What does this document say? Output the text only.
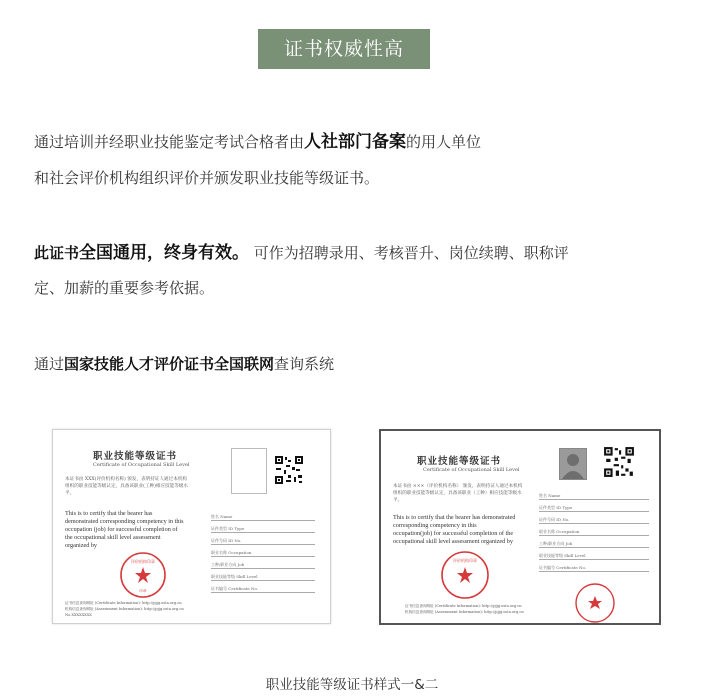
证书权威性高
通过培训并经职业技能鉴定考试合格者由人社部门备案的用人单位
和社会评价机构组织评价并颁发职业技能等级证书。
此证书全国通用，终身有效。 可作为招聘录用、考核晋升、岗位续聘、职称评
定、加薪的重要参考依据。
通过国家技能人才评价证书全国联网查询系统
职业技能等级证书
Certificate of Occupational Skill Level
本证书由 XXX(评价机构名称) 颁发，表明持证人通过本机构组织的职业技能等级认定，具备该职业(工种)相应技能等级水平。
This is to certify that the bearer has demonstrated corresponding competency in this occupation (job) for successful completion of the occupational skill level assessment organized by
姓名 Name
证件类型 ID Type
证件号码 ID No.
职业名称 Occupation
工种/职业方向 Job
职业技能等级 Skill Level
证书编号 Certificate No.
评价机构印章
印章
证书信息查询网址 (Certificate Information): http://pjjg.osta.org.cn
机构信息查询网址 (Assessment Information): http://pjjg.osta.org.cn
No.XXXXXXXX
职业技能等级证书
Certificate of Occupational Skill Level
本证书由 ×××（评价机构名称） 颁发，表明持证人通过本机构组织的职业技能等级认定，具备该职业（工种）相应技能等级水平。
This is to certify that the bearer has demonstrated corresponding competency in this occupation(job) for successful completion of the occupational skill level assessment organized by
姓名 Name
证件类型 ID Type
证件号码 ID No.
职业名称 Occupation
工种/职业方向 Job
职业技能等级 Skill Level
证书编号 Certificate No.
评价机构印章
证书信息查询网址 (Certificate Information): http://pjjg.osta.org.cn
机构信息查询网址 (Assessment Information): http://pjjg.osta.org.cn
职业技能等级证书样式一&二
